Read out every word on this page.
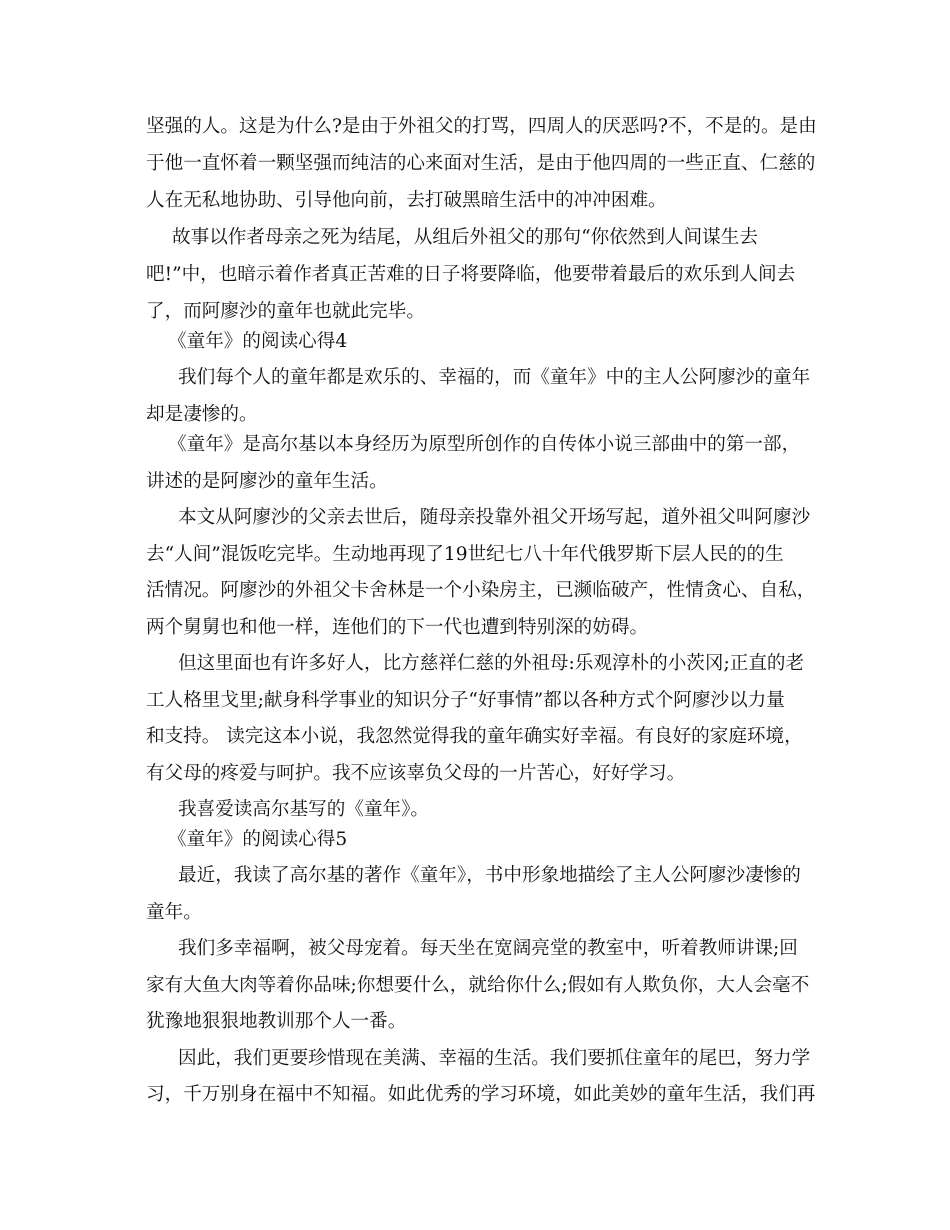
坚强的人。这是为什么?是由于外祖父的打骂，四周人的厌恶吗?不，不是的。是由
于他一直怀着一颗坚强而纯洁的心来面对生活，是由于他四周的一些正直、仁慈的
人在无私地协助、引导他向前，去打破黑暗生活中的冲冲困难。
故事以作者母亲之死为结尾，从组后外祖父的那句“你依然到人间谋生去
吧!”中，也暗示着作者真正苦难的日子将要降临，他要带着最后的欢乐到人间去
了，而阿廖沙的童年也就此完毕。
《童年》的阅读心得4
我们每个人的童年都是欢乐的、幸福的，而《童年》中的主人公阿廖沙的童年
却是凄惨的。
《童年》是高尔基以本身经历为原型所创作的自传体小说三部曲中的第一部，
讲述的是阿廖沙的童年生活。
本文从阿廖沙的父亲去世后，随母亲投靠外祖父开场写起，道外祖父叫阿廖沙
去“人间”混饭吃完毕。生动地再现了19世纪七八十年代俄罗斯下层人民的的生
活情况。阿廖沙的外祖父卡舍林是一个小染房主，已濒临破产，性情贪心、自私，
两个舅舅也和他一样，连他们的下一代也遭到特别深的妨碍。
但这里面也有许多好人，比方慈祥仁慈的外祖母:乐观淳朴的小茨冈;正直的老
工人格里戈里;献身科学事业的知识分子“好事情”都以各种方式个阿廖沙以力量
和支持。 读完这本小说，我忽然觉得我的童年确实好幸福。有良好的家庭环境，
有父母的疼爱与呵护。我不应该辜负父母的一片苦心，好好学习。
我喜爱读高尔基写的《童年》。
《童年》的阅读心得5
最近，我读了高尔基的著作《童年》，书中形象地描绘了主人公阿廖沙凄惨的
童年。
我们多幸福啊，被父母宠着。每天坐在宽阔亮堂的教室中，听着教师讲课;回
家有大鱼大肉等着你品味;你想要什么，就给你什么;假如有人欺负你，大人会毫不
犹豫地狠狠地教训那个人一番。
因此，我们更要珍惜现在美满、幸福的生活。我们要抓住童年的尾巴，努力学
习，千万别身在福中不知福。如此优秀的学习环境，如此美妙的童年生活，我们再
